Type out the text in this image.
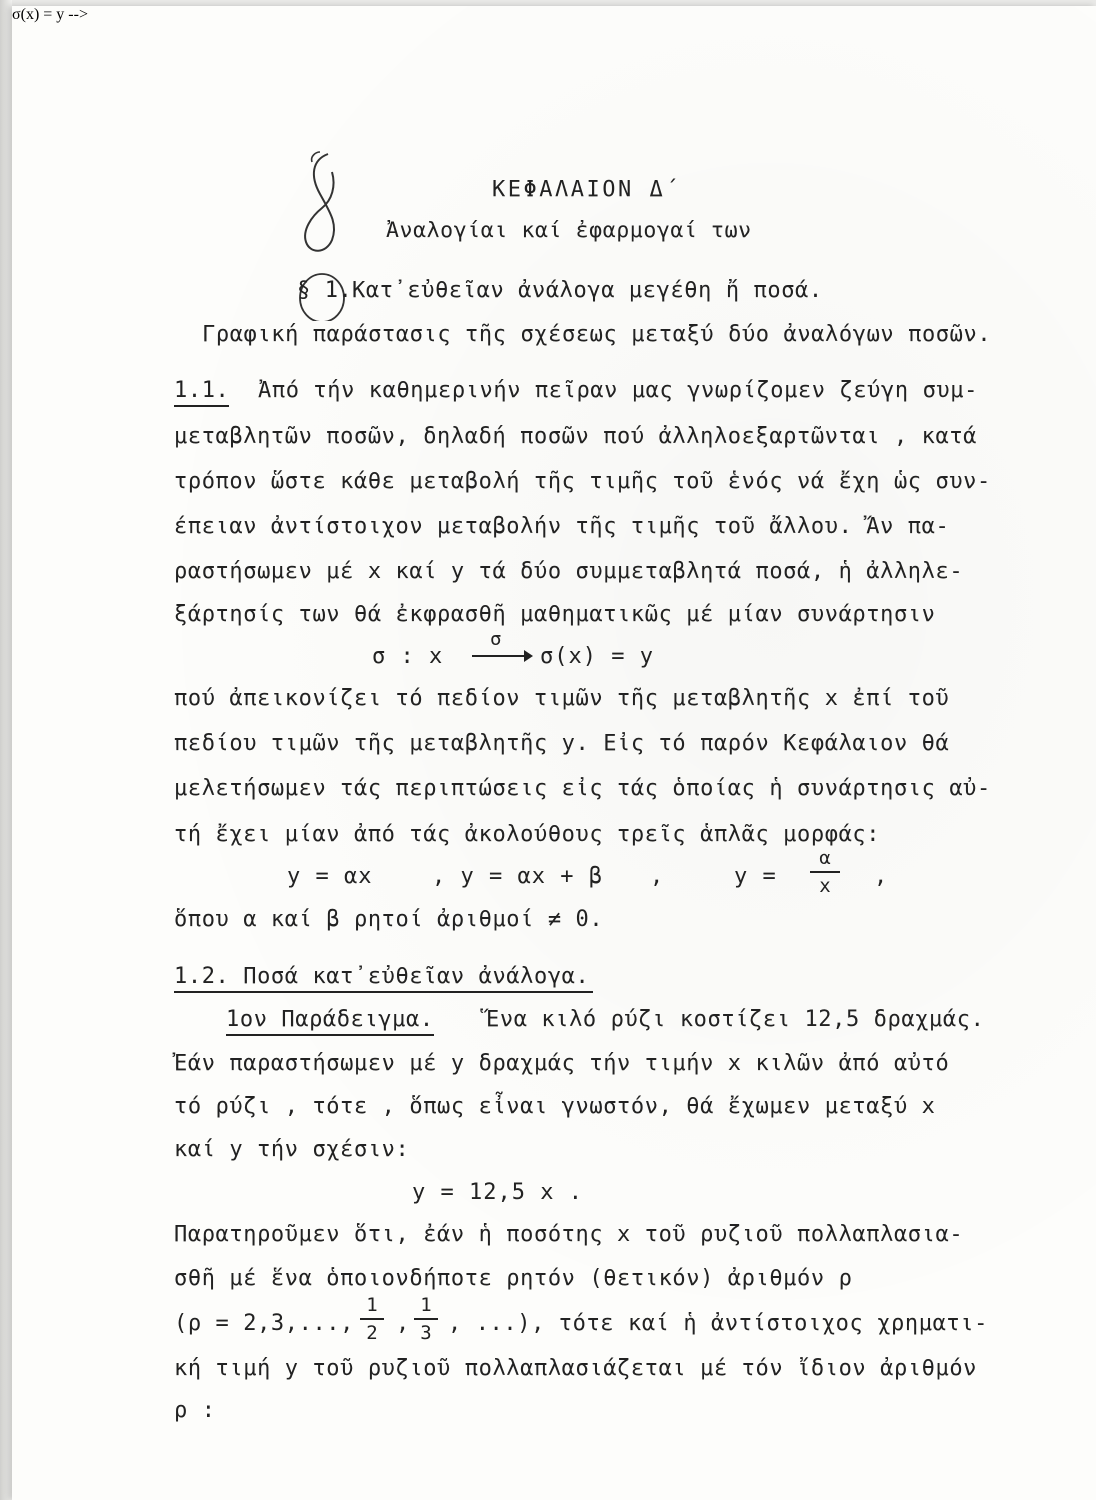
ΚΕΦΑΛΑΙΟΝ Δ΄
Ἀναλογίαι καί ἐφαρμογαί των
§ 1. Κατ᾽εὐθεῖαν ἀνάλογα μεγέθη ἤ ποσά.
Γραφική παράστασις τῆς σχέσεως μεταξύ δύο ἀναλόγων ποσῶν.
1.1. Ἀπό τήν καθημερινήν πεῖραν μας γνωρίζομεν ζεύγη συμ-
μεταβλητῶν ποσῶν, δηλαδή ποσῶν πού ἀλληλοεξαρτῶνται , κατά
τρόπον ὥστε κάθε μεταβολή τῆς τιμῆς τοῦ ἑνός νά ἔχη ὡς συν-
έπειαν ἀντίστοιχον μεταβολήν τῆς τιμῆς τοῦ ἄλλου. Ἄν πα-
ραστήσωμεν μέ x καί y τά δύο συμμεταβλητά ποσά, ἡ ἀλληλε-
ξάρτησίς των θά ἐκφρασθῆ μαθηματικῶς μέ μίαν συνάρτησιν
σ(x) = y -->
σ : x
σ
σ(x) = y
πού ἀπεικονίζει τό πεδίον τιμῶν τῆς μεταβλητῆς x ἐπί τοῦ
πεδίου τιμῶν τῆς μεταβλητῆς y. Εἰς τό παρόν Κεφάλαιον θά
μελετήσωμεν τάς περιπτώσεις εἰς τάς ὁποίας ἡ συνάρτησις αὐ-
τή ἔχει μίαν ἀπό τάς ἀκολούθους τρεῖς ἁπλᾶς μορφάς:
y = αx	, y = αx + β ,	y =
α
x	,
ὅπου α καί β ρητοί ἀριθμοί ≠ 0.
1.2. Ποσά κατ᾽εὐθεῖαν ἀνάλογα.
1ον Παράδειγμα. Ἕνα κιλό ρύζι κοστίζει 12,5 δραχμάς.
Ἐάν παραστήσωμεν μέ y δραχμάς τήν τιμήν x κιλῶν ἀπό αὐτό
τό ρύζι , τότε , ὅπως εἶναι γνωστόν, θά ἔχωμεν μεταξύ x
καί y τήν σχέσιν:
y = 12,5 x .
Παρατηροῦμεν ὅτι, ἐάν ἡ ποσότης x τοῦ ρυζιοῦ πολλαπλασια-
σθῆ μέ ἕνα ὁποιονδήποτε ρητόν (θετικόν) ἀριθμόν ρ
(ρ = 2,3,...,
1
2 ,
1
3 , ...), τότε καί ἡ ἀντίστοιχος χρηματι-
κή τιμή y τοῦ ρυζιοῦ πολλαπλασιάζεται μέ τόν ἴδιον ἀριθμόν
ρ :
